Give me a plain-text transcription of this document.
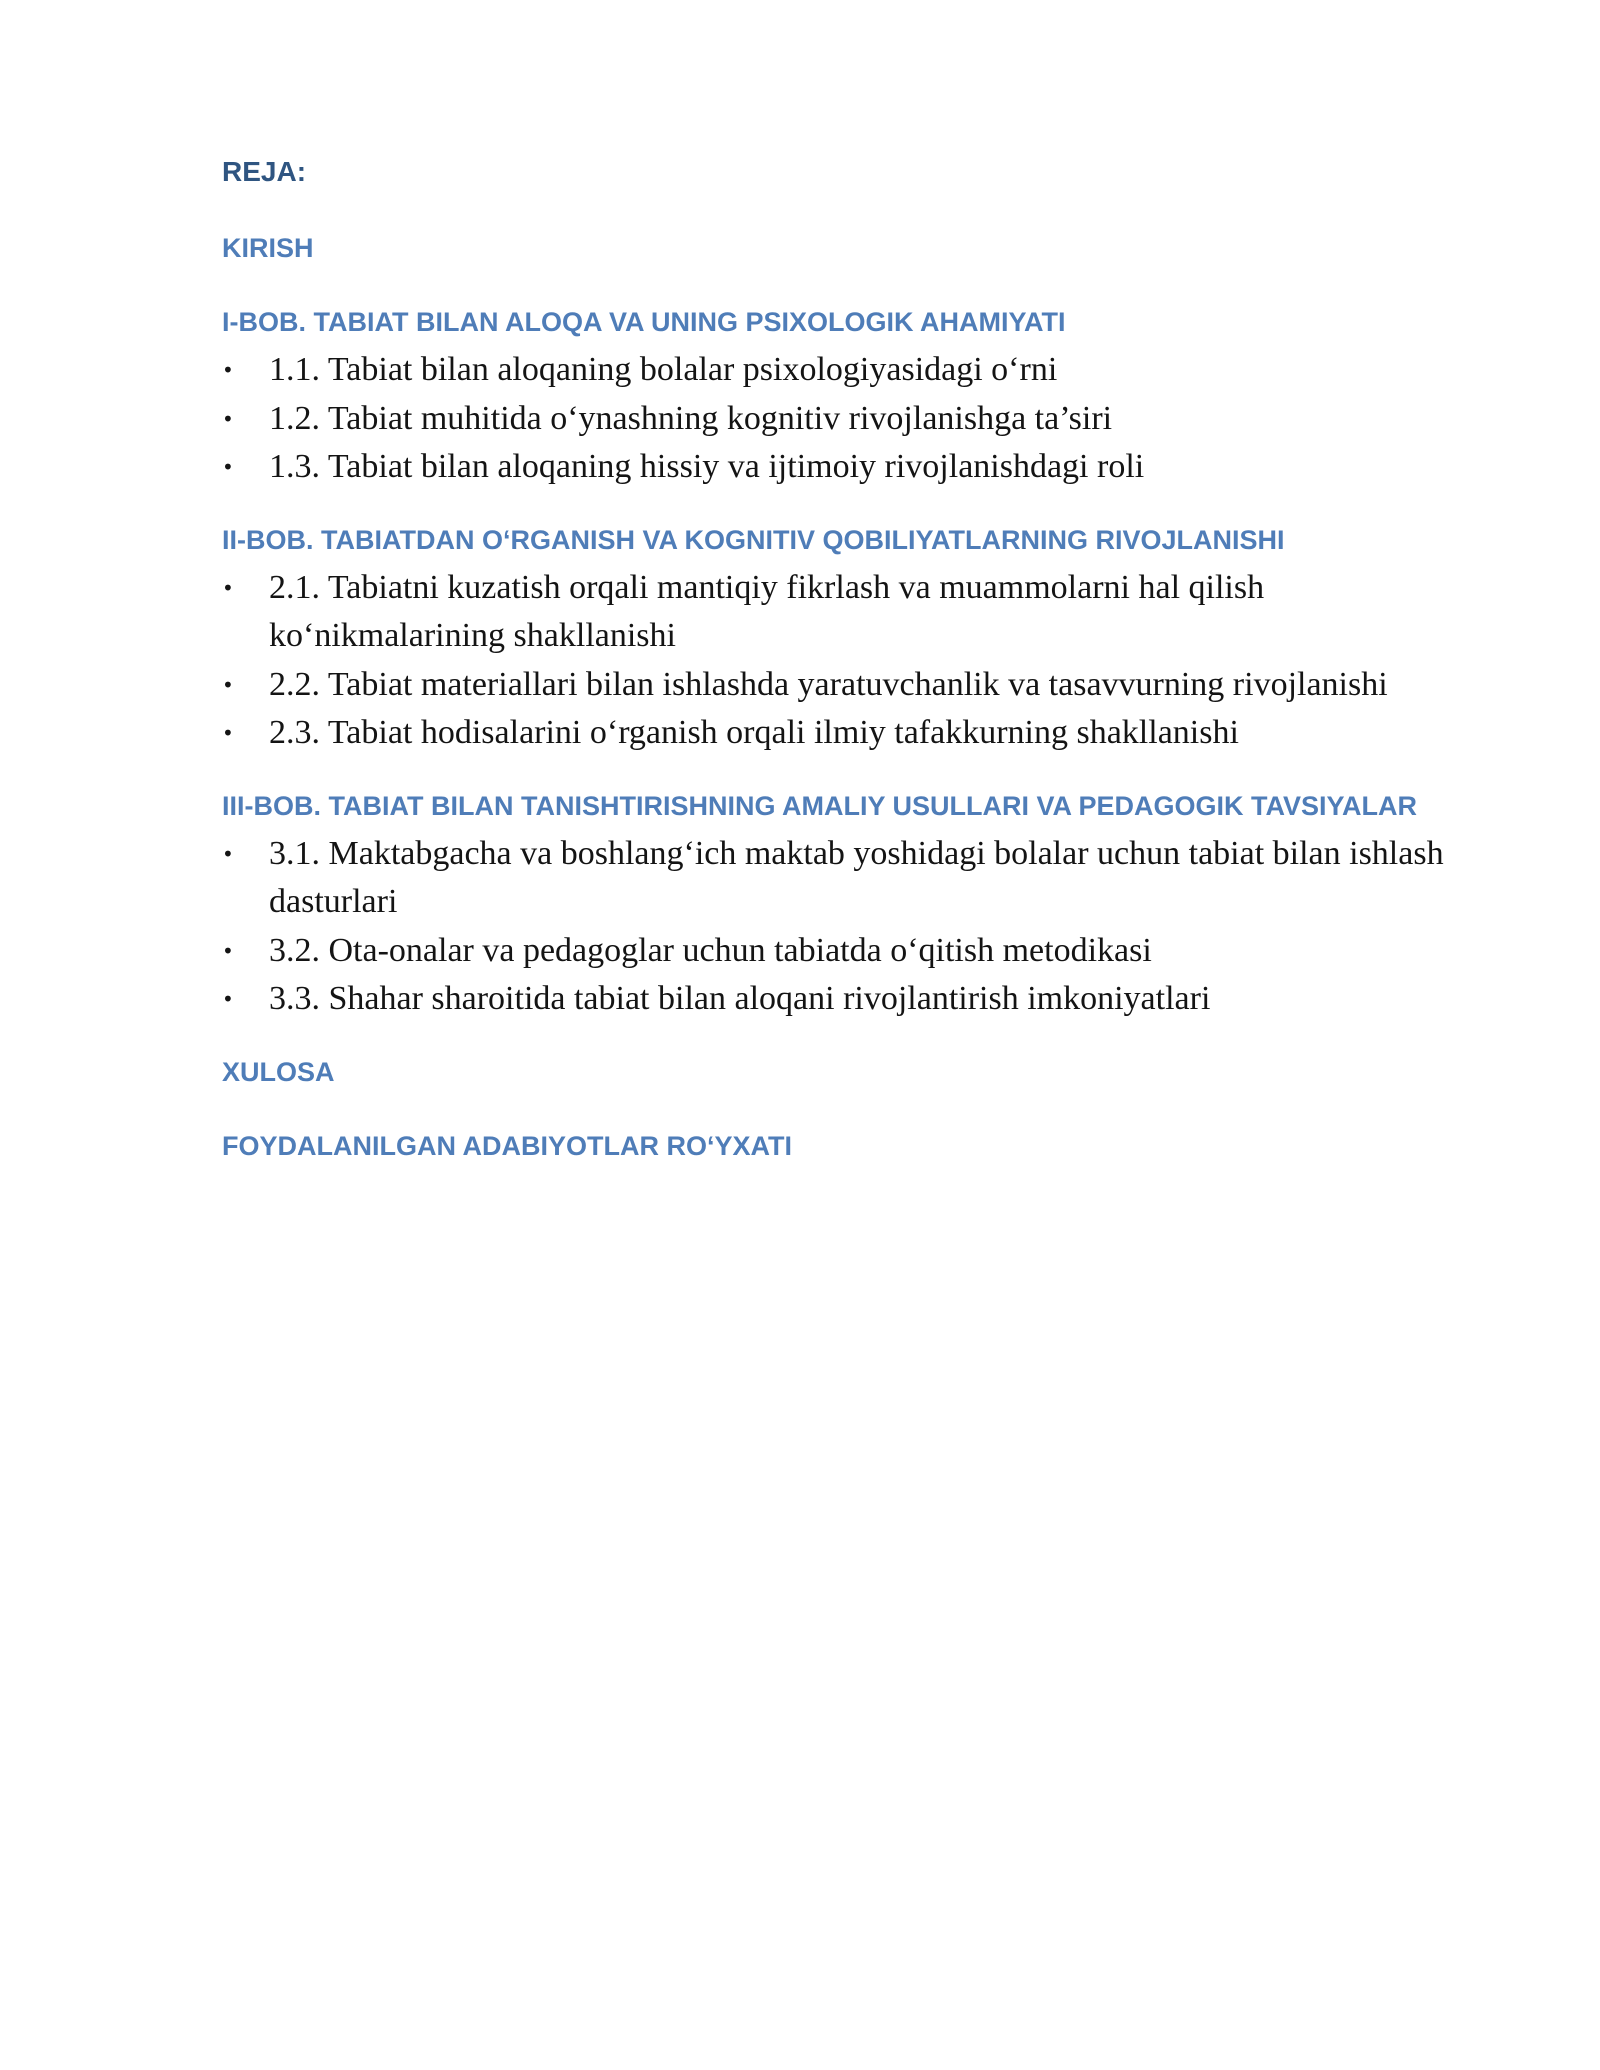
REJA:
KIRISH
I-BOB. TABIAT BILAN ALOQA VA UNING PSIXOLOGIK AHAMIYATI
• 1.1. Tabiat bilan aloqaning bolalar psixologiyasidagi o‘rni
• 1.2. Tabiat muhitida o‘ynashning kognitiv rivojlanishga ta’siri
• 1.3. Tabiat bilan aloqaning hissiy va ijtimoiy rivojlanishdagi roli
II-BOB. TABIATDAN O‘RGANISH VA KOGNITIV QOBILIYATLARNING RIVOJLANISHI
• 2.1. Tabiatni kuzatish orqali mantiqiy fikrlash va muammolarni hal qilish ko‘nikmalarining shakllanishi
• 2.2. Tabiat materiallari bilan ishlashda yaratuvchanlik va tasavvurning rivojlanishi
• 2.3. Tabiat hodisalarini o‘rganish orqali ilmiy tafakkurning shakllanishi
III-BOB. TABIAT BILAN TANISHTIRISHNING AMALIY USULLARI VA PEDAGOGIK TAVSIYALAR
• 3.1. Maktabgacha va boshlang‘ich maktab yoshidagi bolalar uchun tabiat bilan ishlash dasturlari
• 3.2. Ota-onalar va pedagoglar uchun tabiatda o‘qitish metodikasi
• 3.3. Shahar sharoitida tabiat bilan aloqani rivojlantirish imkoniyatlari
XULOSA
FOYDALANILGAN ADABIYOTLAR RO‘YXATI
